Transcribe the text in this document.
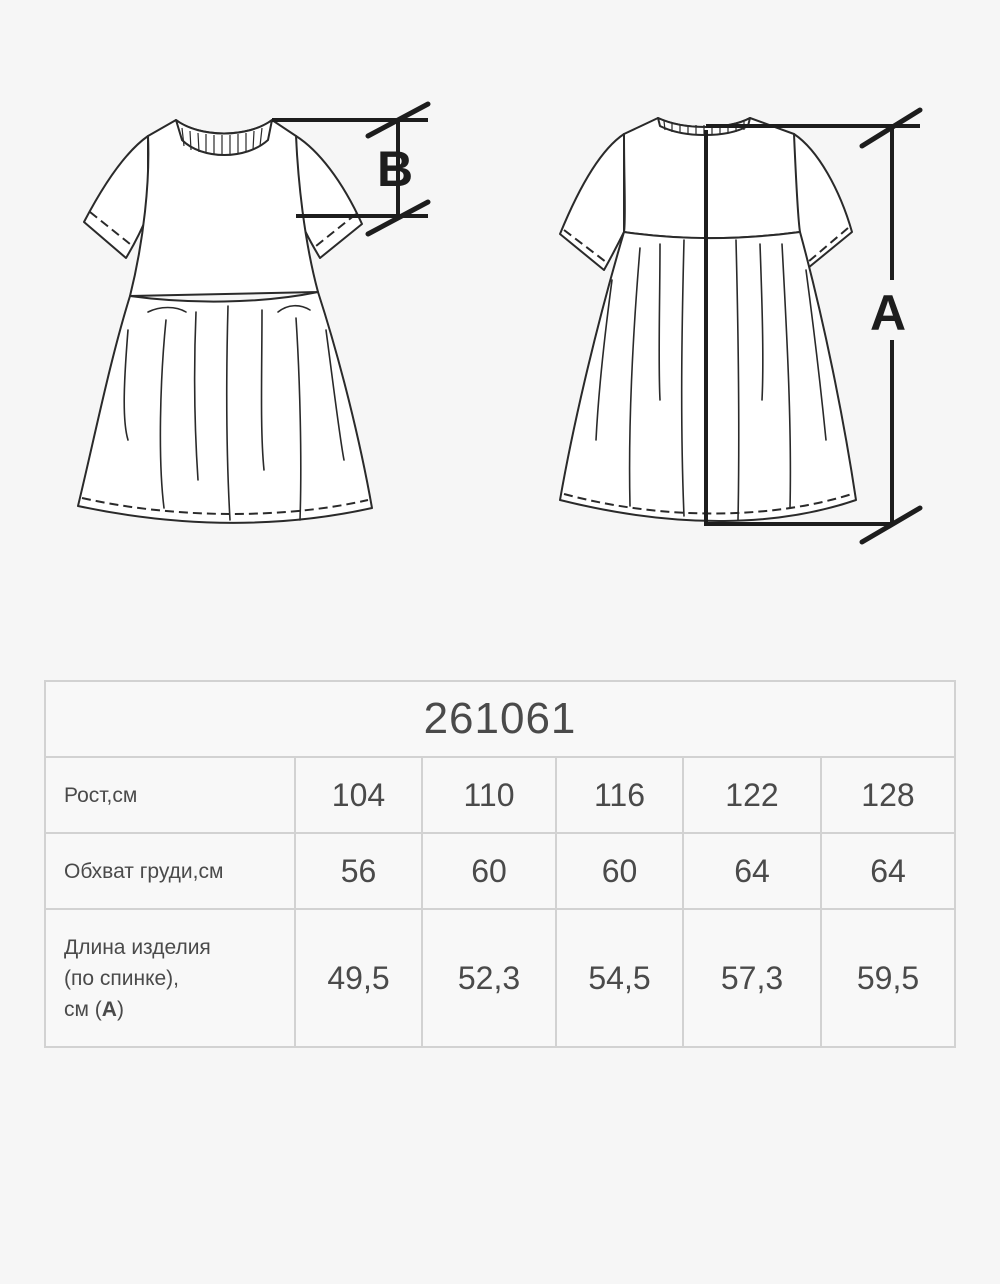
B
A
261061					
Рост,см	104	110	116	122	128
Обхват груди,см	56	60	60	64	64
Длина изделия
(по спинке),
см (A)	49,5	52,3	54,5	57,3	59,5
